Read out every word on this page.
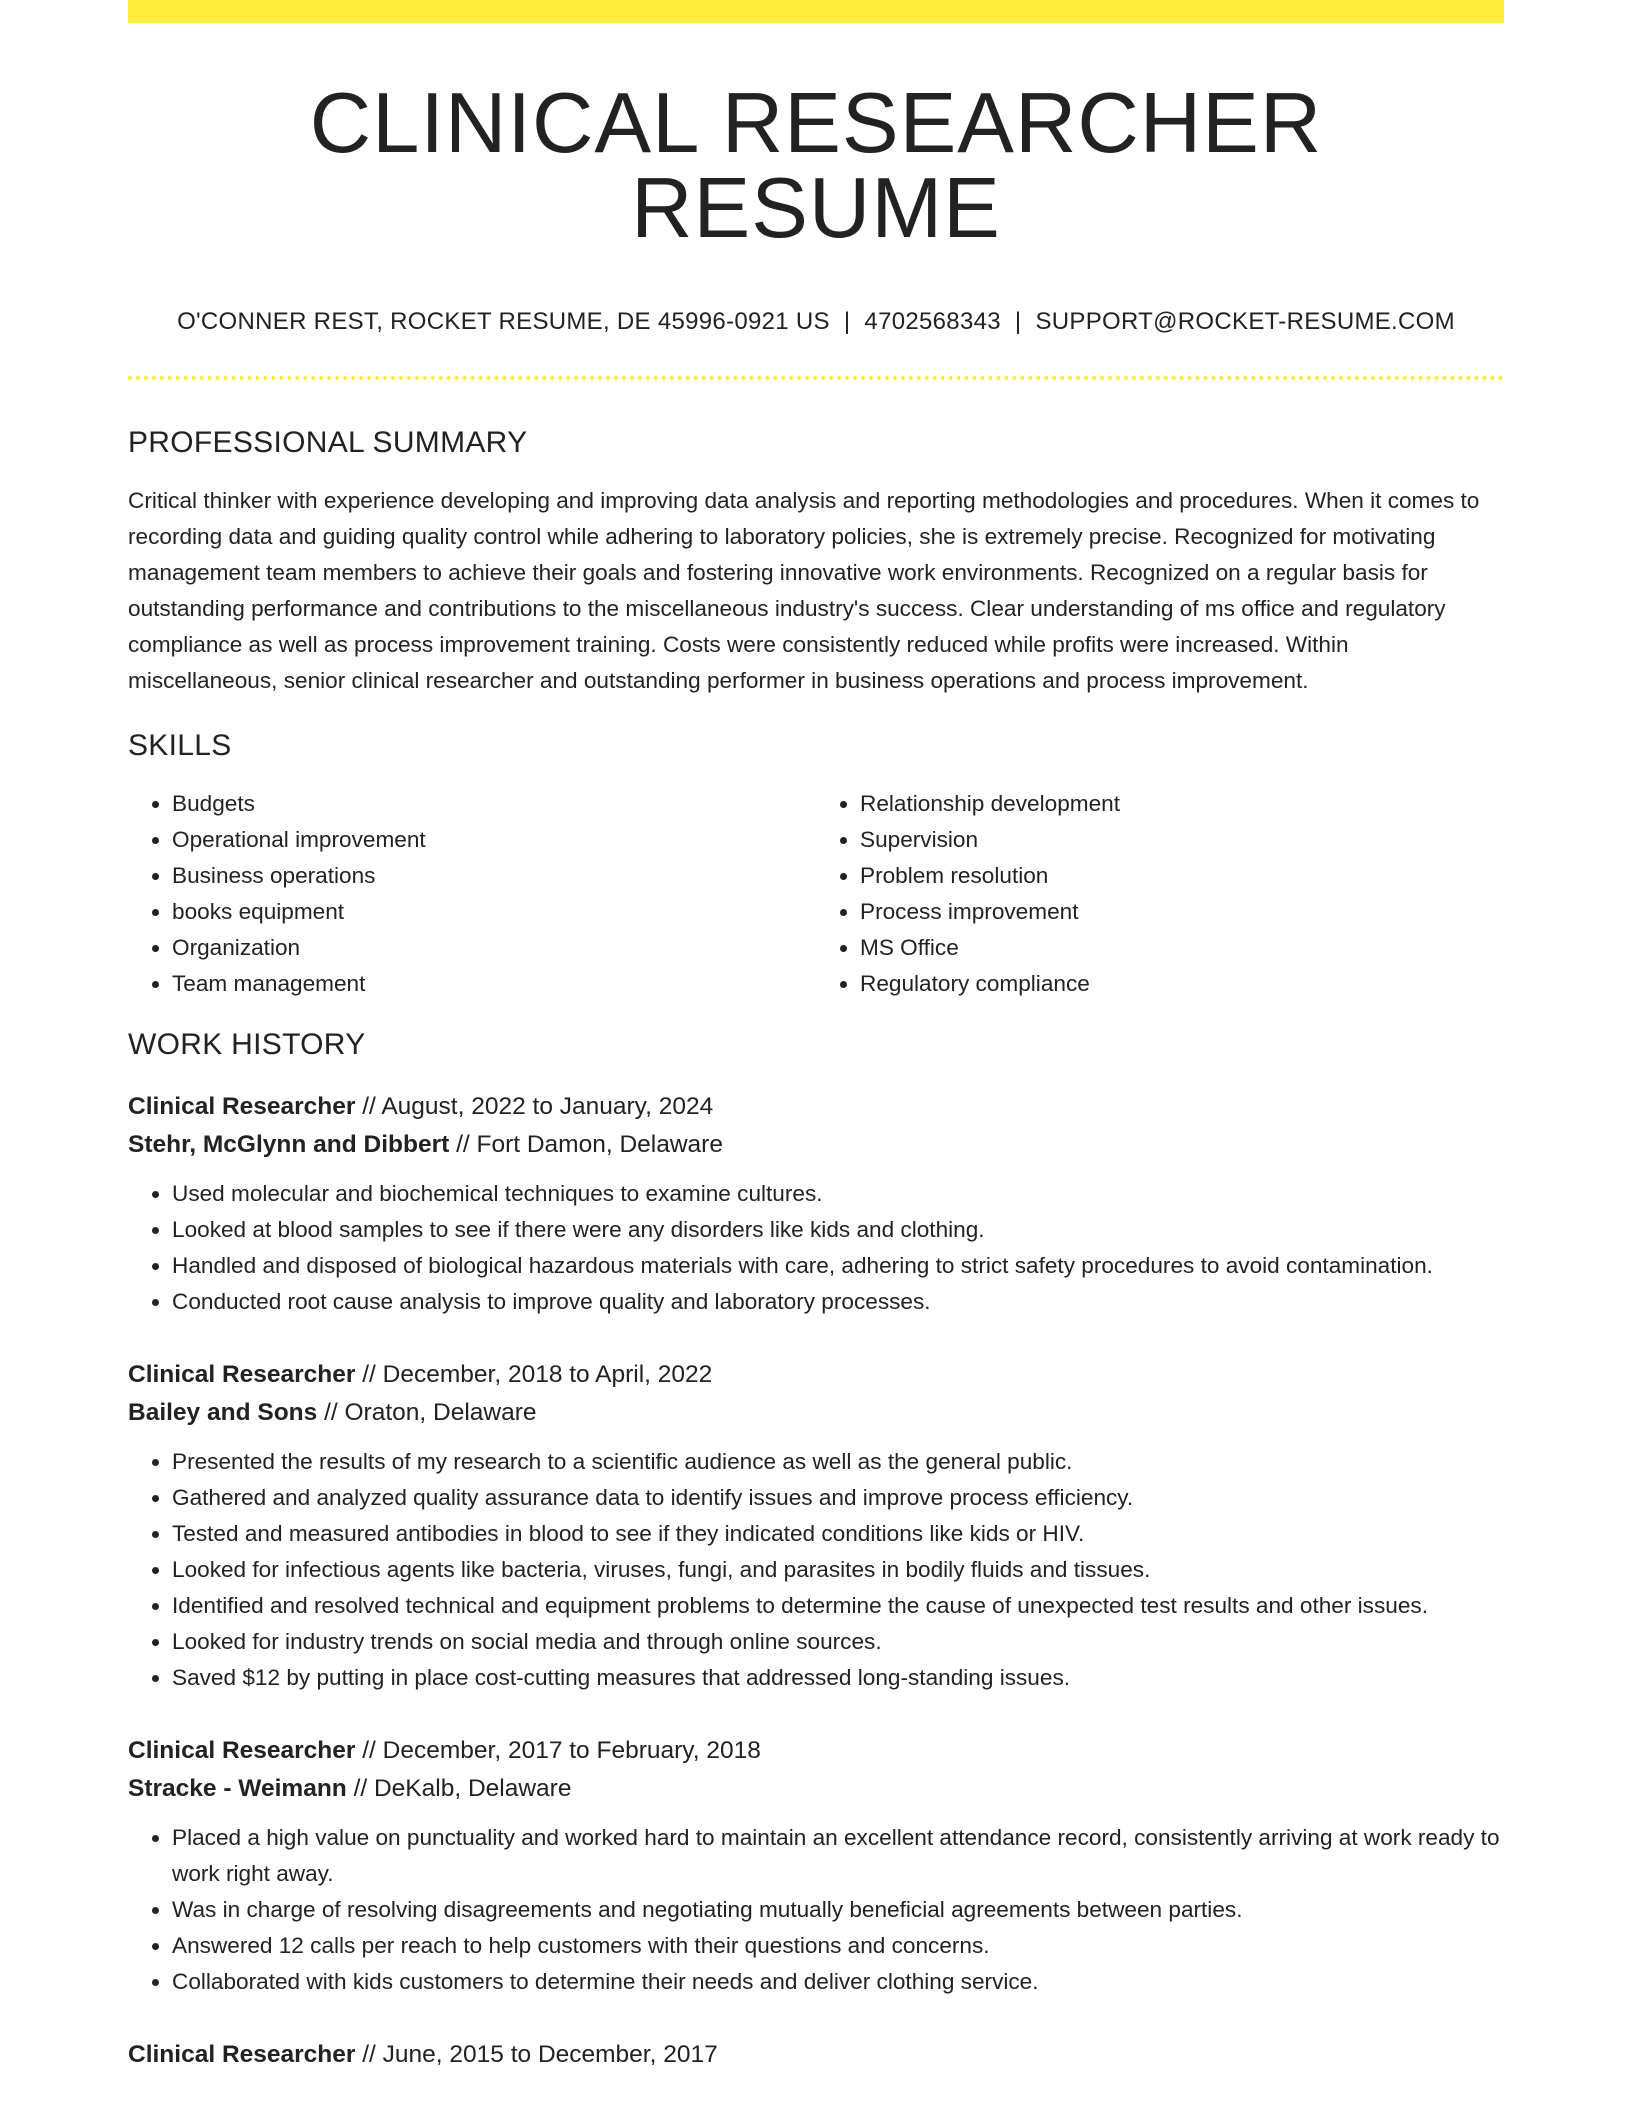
CLINICAL RESEARCHER RESUME
O'CONNER REST, ROCKET RESUME, DE 45996-0921 US | 4702568343 | SUPPORT@ROCKET-RESUME.COM
PROFESSIONAL SUMMARY

Critical thinker with experience developing and improving data analysis and reporting methodologies and procedures. When it comes to recording data and guiding quality control while adhering to laboratory policies, she is extremely precise. Recognized for motivating management team members to achieve their goals and fostering innovative work environments. Recognized on a regular basis for outstanding performance and contributions to the miscellaneous industry's success. Clear understanding of ms office and regulatory compliance as well as process improvement training. Costs were consistently reduced while profits were increased. Within miscellaneous, senior clinical researcher and outstanding performer in business operations and process improvement.

SKILLS
• Budgets
• Operational improvement
• Business operations
• books equipment
• Organization
• Team management
• Relationship development
• Supervision
• Problem resolution
• Process improvement
• MS Office
• Regulatory compliance
WORK HISTORY
Clinical Researcher // August, 2022 to January, 2024
Stehr, McGlynn and Dibbert // Fort Damon, Delaware
• Used molecular and biochemical techniques to examine cultures.
• Looked at blood samples to see if there were any disorders like kids and clothing.
• Handled and disposed of biological hazardous materials with care, adhering to strict safety procedures to avoid contamination.
• Conducted root cause analysis to improve quality and laboratory processes.
Clinical Researcher // December, 2018 to April, 2022
Bailey and Sons // Oraton, Delaware
• Presented the results of my research to a scientific audience as well as the general public.
• Gathered and analyzed quality assurance data to identify issues and improve process efficiency.
• Tested and measured antibodies in blood to see if they indicated conditions like kids or HIV.
• Looked for infectious agents like bacteria, viruses, fungi, and parasites in bodily fluids and tissues.
• Identified and resolved technical and equipment problems to determine the cause of unexpected test results and other issues.
• Looked for industry trends on social media and through online sources.
• Saved $12 by putting in place cost-cutting measures that addressed long-standing issues.
Clinical Researcher // December, 2017 to February, 2018
Stracke - Weimann // DeKalb, Delaware
• Placed a high value on punctuality and worked hard to maintain an excellent attendance record, consistently arriving at work ready to work right away.
• Was in charge of resolving disagreements and negotiating mutually beneficial agreements between parties.
• Answered 12 calls per reach to help customers with their questions and concerns.
• Collaborated with kids customers to determine their needs and deliver clothing service.
Clinical Researcher // June, 2015 to December, 2017
